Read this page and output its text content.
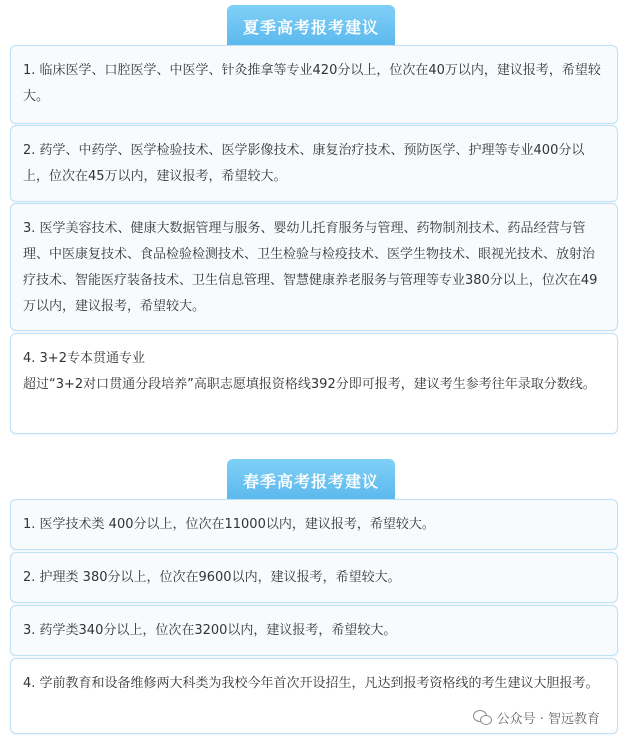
夏季高考报考建议

1. 临床医学、口腔医学、中医学、针灸推拿等专业420分以上，位次在40万以内，建议报考，希望较大。

2. 药学、中药学、医学检验技术、医学影像技术、康复治疗技术、预防医学、护理等专业400分以上，位次在45万以内，建议报考，希望较大。

3. 医学美容技术、健康大数据管理与服务、婴幼儿托育服务与管理、药物制剂技术、药品经营与管理、中医康复技术、食品检验检测技术、卫生检验与检疫技术、医学生物技术、眼视光技术、放射治疗技术、智能医疗装备技术、卫生信息管理、智慧健康养老服务与管理等专业380分以上，位次在49万以内，建议报考，希望较大。

4. 3+2专本贯通专业

超过“3+2对口贯通分段培养”高职志愿填报资格线392分即可报考，建议考生参考往年录取分数线。

春季高考报考建议

1. 医学技术类 400分以上，位次在11000以内，建议报考，希望较大。

2. 护理类 380分以上，位次在9600以内，建议报考，希望较大。

3. 药学类340分以上，位次在3200以内，建议报考，希望较大。

4. 学前教育和设备维修两大科类为我校今年首次开设招生，凡达到报考资格线的考生建议大胆报考。

公众号 · 智远教育
